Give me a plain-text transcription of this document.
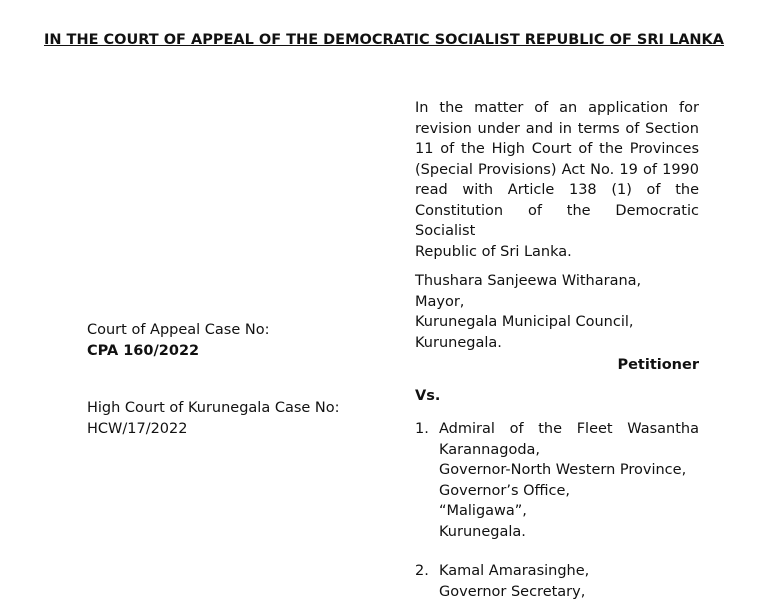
IN THE COURT OF APPEAL OF THE DEMOCRATIC SOCIALIST REPUBLIC OF SRI LANKA
In the matter of an application for
revision under and in terms of Section
11 of the High Court of the Provinces
(Special Provisions) Act No. 19 of 1990
read with Article 138 (1) of the
Constitution of the Democratic Socialist
Republic of Sri Lanka.
Thushara Sanjeewa Witharana,
Mayor,
Kurunegala Municipal Council,
Kurunegala.
Petitioner
Court of Appeal Case No:
CPA 160/2022
High Court of Kurunegala Case No:
HCW/17/2022
Vs.
1. Admiral of the Fleet Wasantha
Karannagoda,
Governor-North Western Province,
Governor’s Office,
“Maligawa”,
Kurunegala.
2. Kamal Amarasinghe,
Governor Secretary,
